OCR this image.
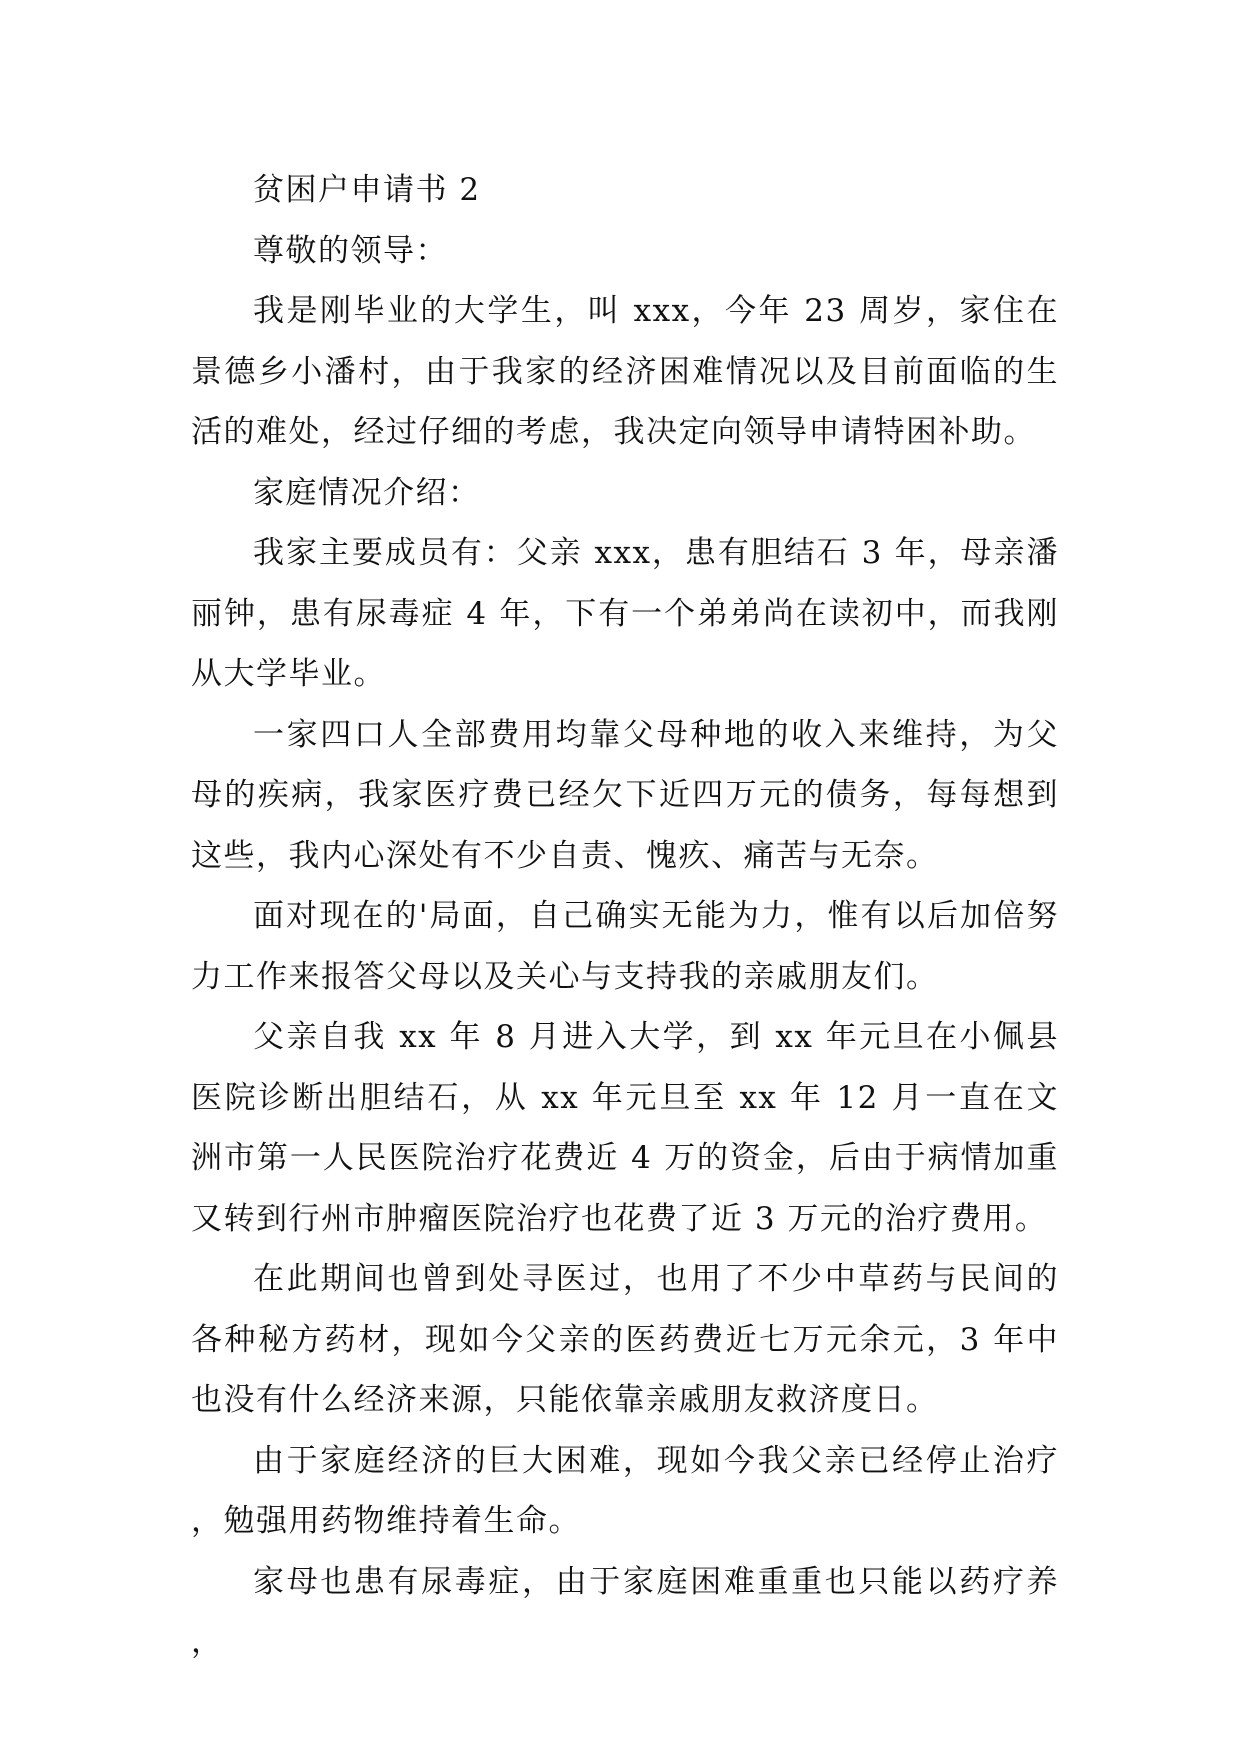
贫困户申请书 2

尊敬的领导：

我是刚毕业的大学生，叫 xxx，今年 23 周岁，家住在景德乡小潘村，由于我家的经济困难情况以及目前面临的生活的难处，经过仔细的考虑，我决定向领导申请特困补助。

家庭情况介绍：

我家主要成员有：父亲 xxx，患有胆结石 3 年，母亲潘丽钟，患有尿毒症 4 年，下有一个弟弟尚在读初中，而我刚从大学毕业。

一家四口人全部费用均靠父母种地的收入来维持，为父母的疾病，我家医疗费已经欠下近四万元的债务，每每想到这些，我内心深处有不少自责、愧疚、痛苦与无奈。

面对现在的'局面，自己确实无能为力，惟有以后加倍努力工作来报答父母以及关心与支持我的亲戚朋友们。

父亲自我 xx 年 8 月进入大学，到 xx 年元旦在小佩县医院诊断出胆结石，从 xx 年元旦至 xx 年 12 月一直在文洲市第一人民医院治疗花费近 4 万的资金，后由于病情加重又转到行州市肿瘤医院治疗也花费了近 3 万元的治疗费用。

在此期间也曾到处寻医过，也用了不少中草药与民间的各种秘方药材，现如今父亲的医药费近七万元余元，3 年中也没有什么经济来源，只能依靠亲戚朋友救济度日。

由于家庭经济的巨大困难，现如今我父亲已经停止治疗，勉强用药物维持着生命。

家母也患有尿毒症，由于家庭困难重重也只能以药疗养，
